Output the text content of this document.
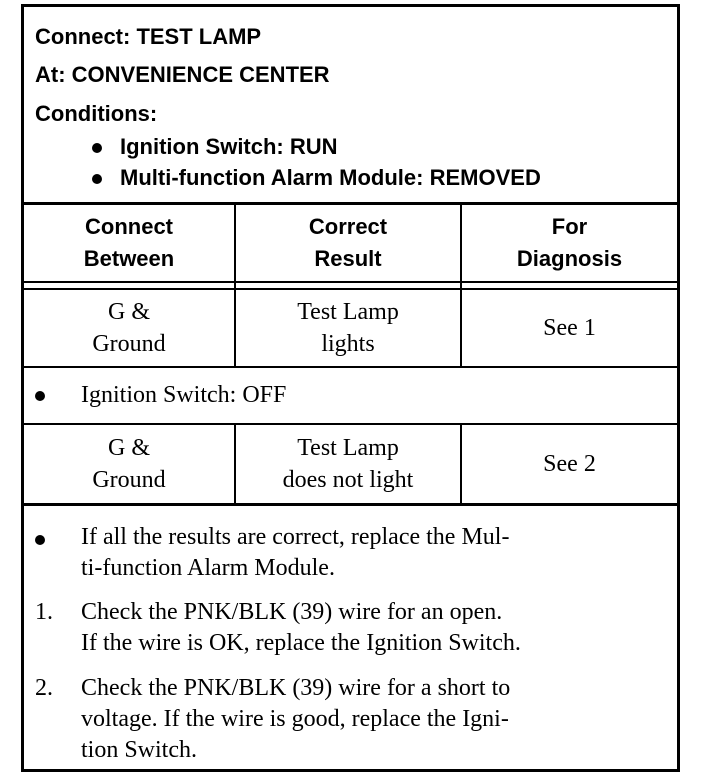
Connect: TEST LAMP
At: CONVENIENCE CENTER
Conditions:
Ignition Switch: RUN
Multi-function Alarm Module: REMOVED
Connect
Between
Correct
Result
For
Diagnosis
G &
Ground
Test Lamp
lights
See 1
Ignition Switch: OFF
G &
Ground
Test Lamp
does not light
See 2
If all the results are correct, replace the Mul-
ti-function Alarm Module.
1. Check the PNK/BLK (39) wire for an open.
If the wire is OK, replace the Ignition Switch.
2. Check the PNK/BLK (39) wire for a short to
voltage. If the wire is good, replace the Igni-
tion Switch.
